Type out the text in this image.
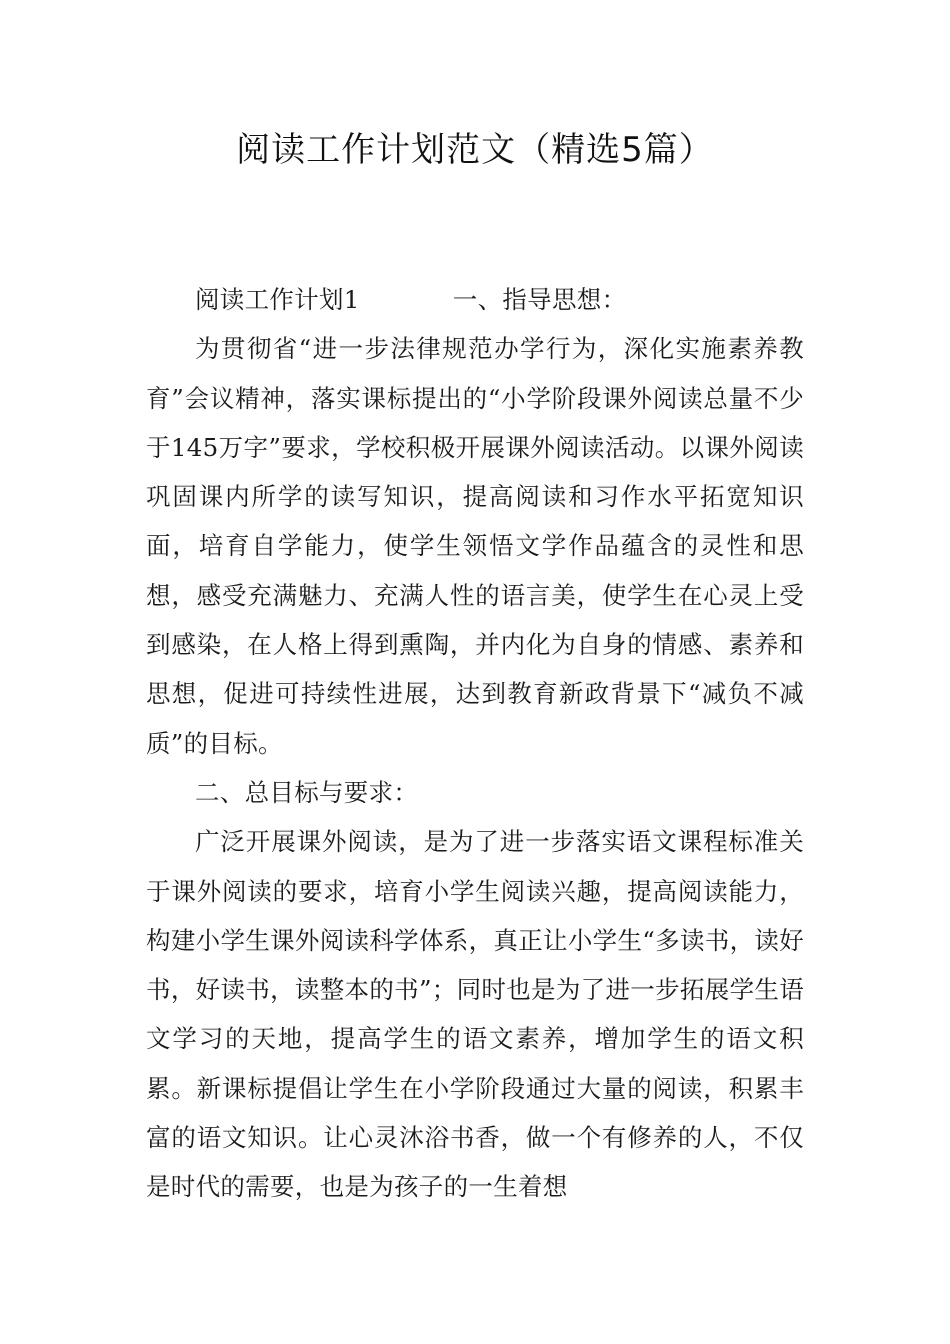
阅读工作计划范文（精选5篇）

阅读工作计划1	一、指导思想：

为贯彻省“进一步法律规范办学行为，深化实施素养教育”会议精神，落实课标提出的“小学阶段课外阅读总量不少于145万字”要求，学校积极开展课外阅读活动。以课外阅读巩固课内所学的读写知识，提高阅读和习作水平拓宽知识面，培育自学能力，使学生领悟文学作品蕴含的灵性和思想，感受充满魅力、充满人性的语言美，使学生在心灵上受到感染，在人格上得到熏陶，并内化为自身的情感、素养和思想，促进可持续性进展，达到教育新政背景下“减负不减质”的目标。

二、总目标与要求：

广泛开展课外阅读，是为了进一步落实语文课程标准关于课外阅读的要求，培育小学生阅读兴趣，提高阅读能力，构建小学生课外阅读科学体系，真正让小学生“多读书，读好书，好读书，读整本的书”；同时也是为了进一步拓展学生语文学习的天地，提高学生的语文素养，增加学生的语文积累。新课标提倡让学生在小学阶段通过大量的阅读，积累丰富的语文知识。让心灵沐浴书香，做一个有修养的人，不仅是时代的需要，也是为孩子的一生着想
